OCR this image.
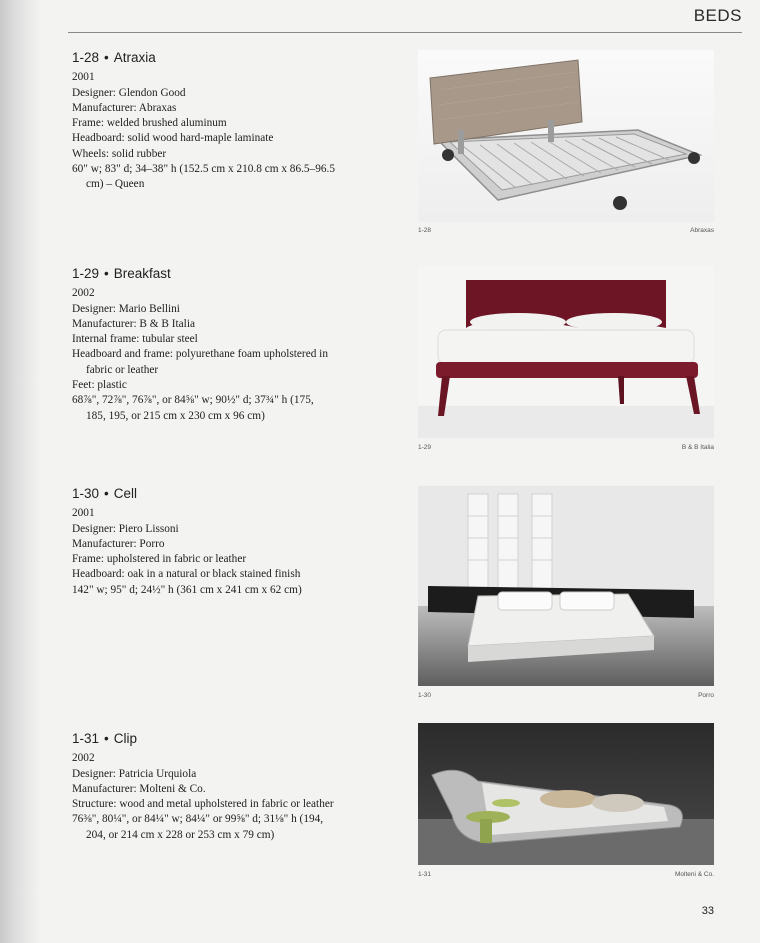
BEDS
1-28 • Atraxia
2001
Designer: Glendon Good
Manufacturer: Abraxas
Frame: welded brushed aluminum
Headboard: solid wood hard-maple laminate
Wheels: solid rubber
60" w; 83" d; 34–38" h (152.5 cm x 210.8 cm x 86.5–96.5
cm) – Queen
1-28	Abraxas
1-29 • Breakfast
2002
Designer: Mario Bellini
Manufacturer: B & B Italia
Internal frame: tubular steel
Headboard and frame: polyurethane foam upholstered in
fabric or leather
Feet: plastic
68⅞", 72⅞", 76⅞", or 84⅝" w; 90½" d; 37¾" h (175,
185, 195, or 215 cm x 230 cm x 96 cm)
1-29	B & B Italia
1-30 • Cell
2001
Designer: Piero Lissoni
Manufacturer: Porro
Frame: upholstered in fabric or leather
Headboard: oak in a natural or black stained finish
142" w; 95" d; 24½" h (361 cm x 241 cm x 62 cm)
1-30	Porro
1-31 • Clip
2002
Designer: Patricia Urquiola
Manufacturer: Molteni & Co.
Structure: wood and metal upholstered in fabric or leather
76⅜", 80¼", or 84¼" w; 84¼" or 99⅝" d; 31⅛" h (194,
204, or 214 cm x 228 or 253 cm x 79 cm)
1-31	Molteni & Co.
33
